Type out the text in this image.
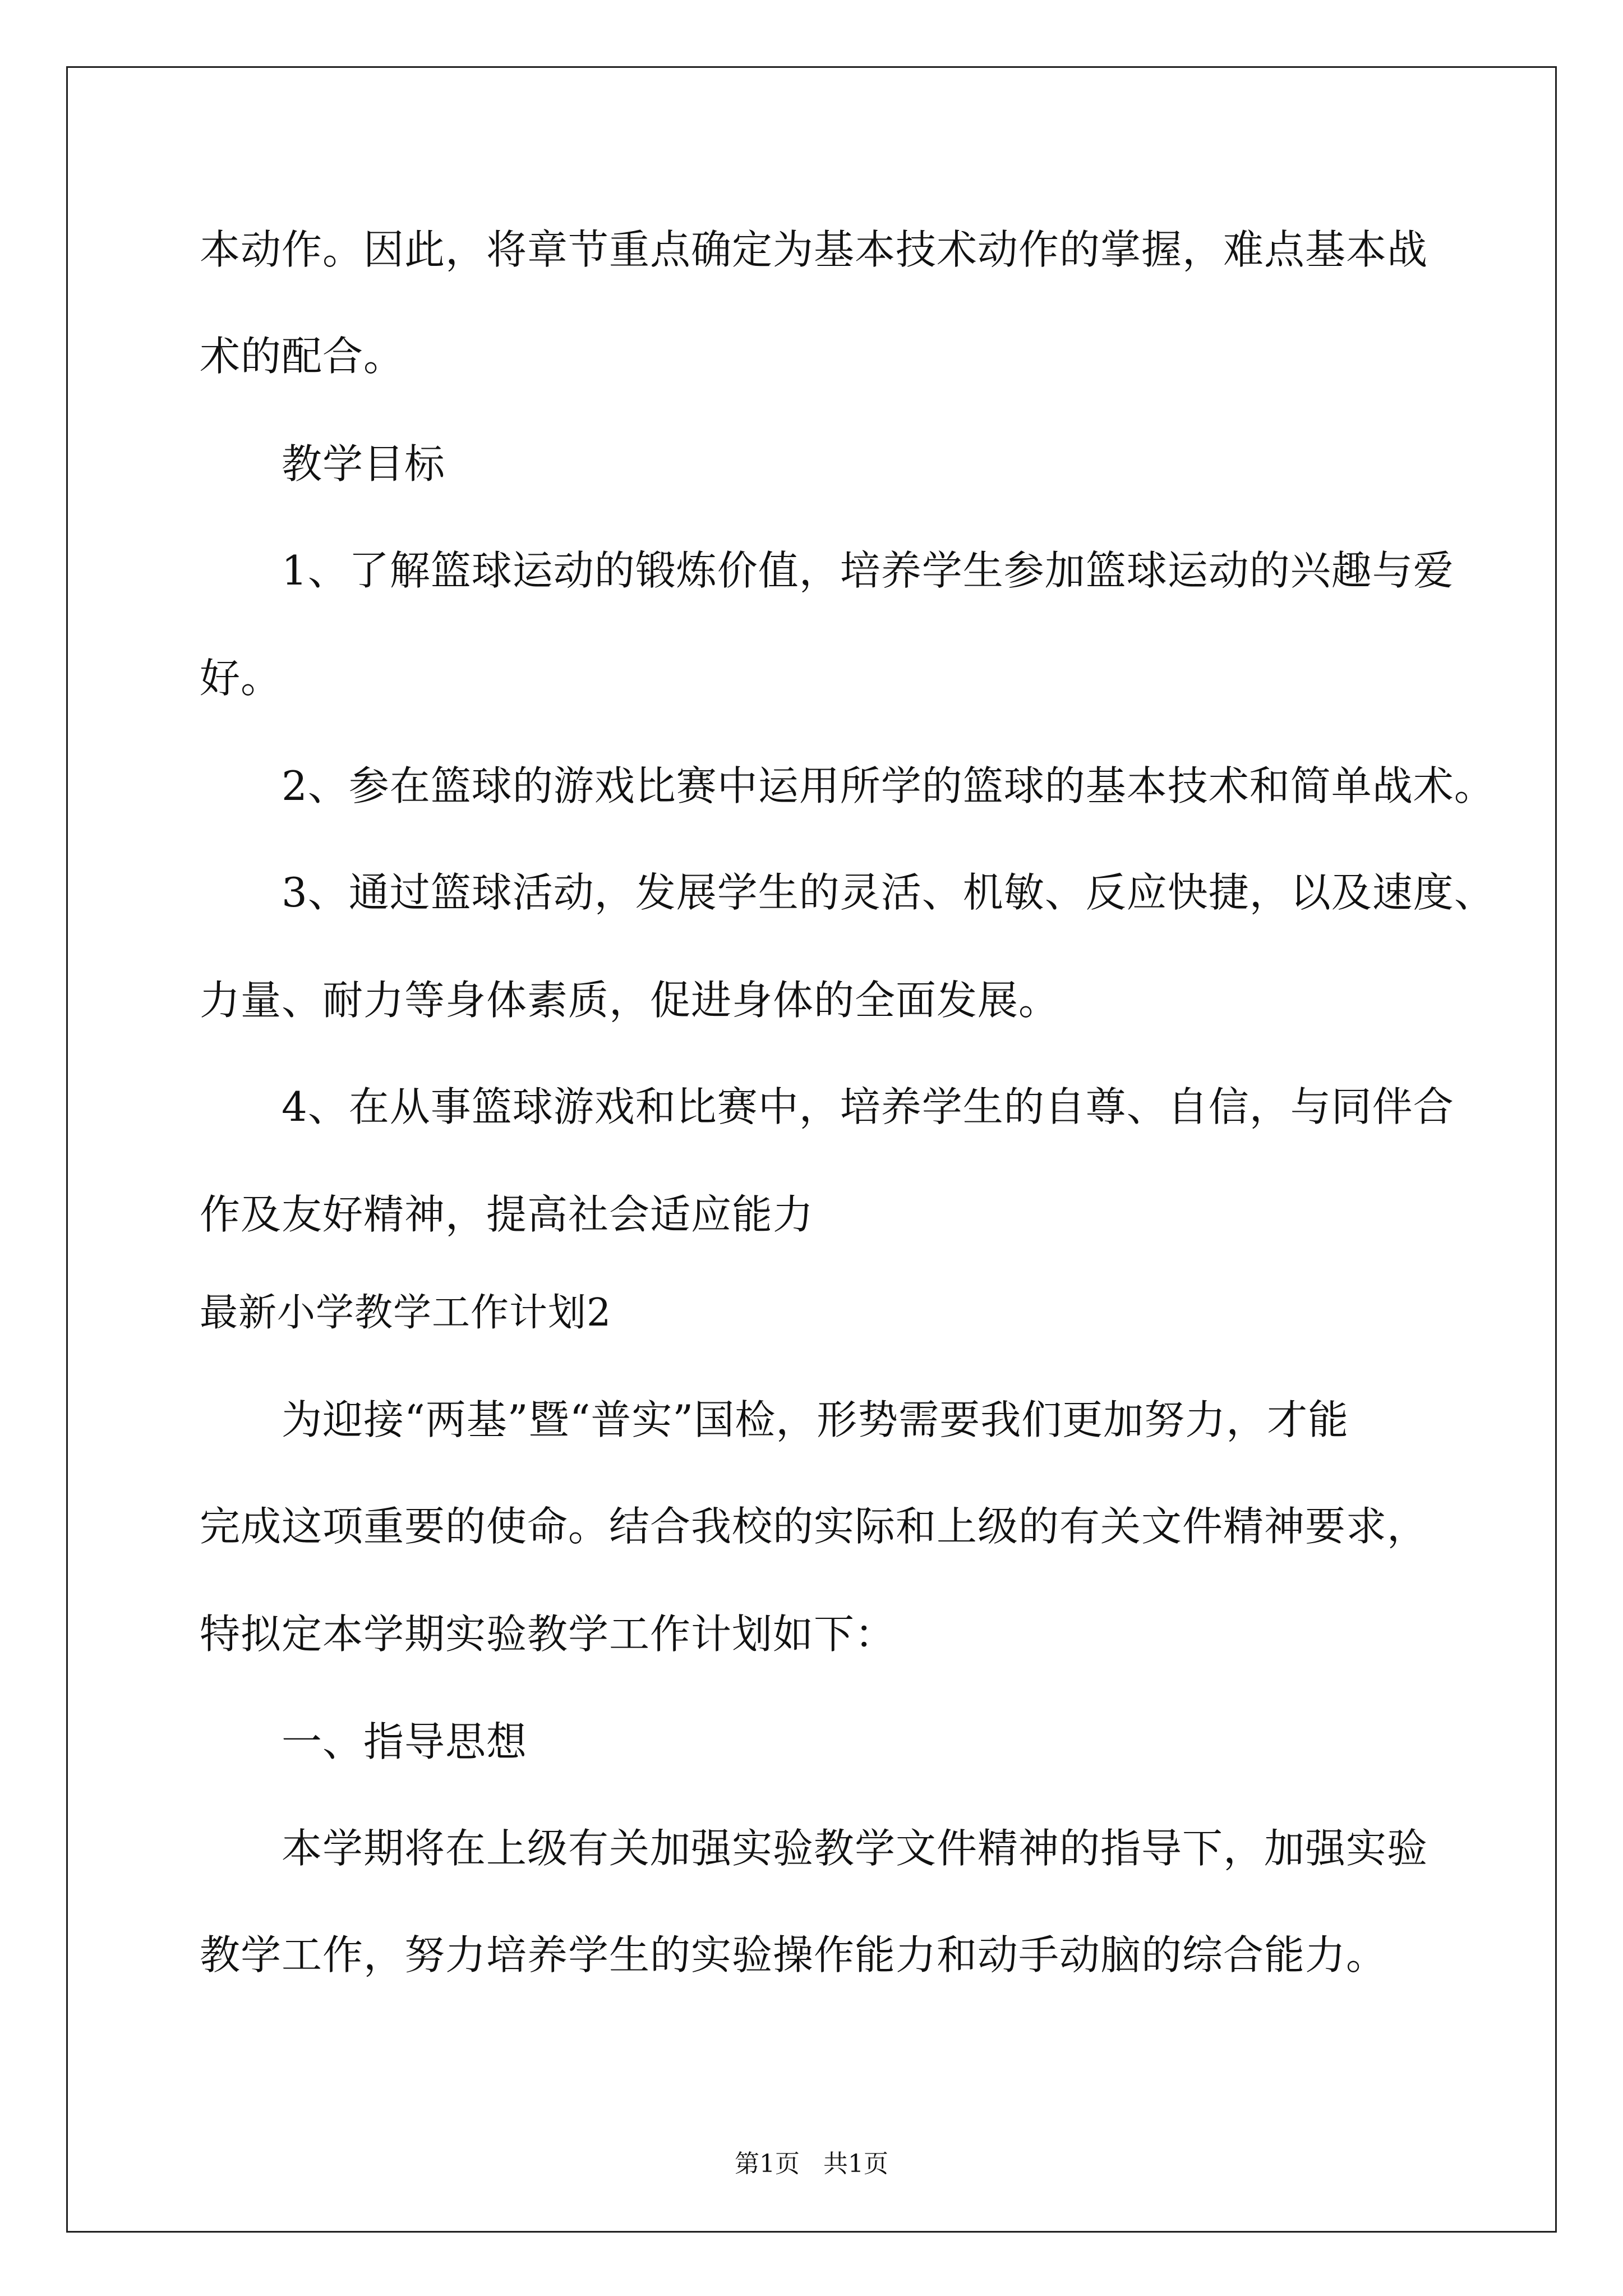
本动作。因此，将章节重点确定为基本技术动作的掌握，难点基本战
术的配合。
教学目标
1、了解篮球运动的锻炼价值，培养学生参加篮球运动的兴趣与爱
好。
2、参在篮球的游戏比赛中运用所学的篮球的基本技术和简单战术。
3、通过篮球活动，发展学生的灵活、机敏、反应快捷，以及速度、
力量、耐力等身体素质，促进身体的全面发展。
4、在从事篮球游戏和比赛中，培养学生的自尊、自信，与同伴合
作及友好精神，提高社会适应能力
最新小学教学工作计划2
为迎接“两基”暨“普实”国检，形势需要我们更加努力，才能
完成这项重要的使命。结合我校的实际和上级的有关文件精神要求，
特拟定本学期实验教学工作计划如下：
一、指导思想
本学期将在上级有关加强实验教学文件精神的指导下，加强实验
教学工作，努力培养学生的实验操作能力和动手动脑的综合能力。
第1页   共1页
